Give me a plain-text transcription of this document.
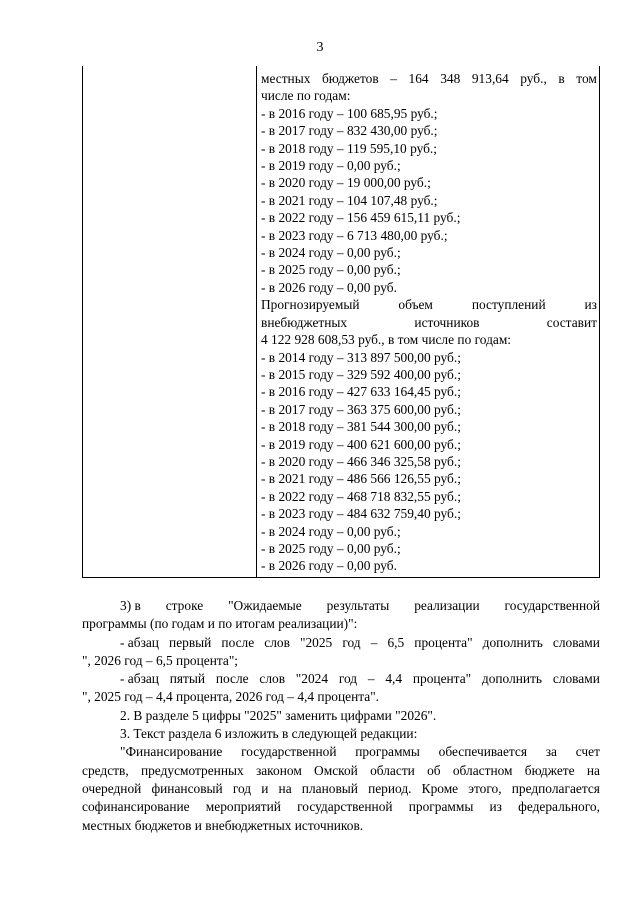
3
местных бюджетов – 164 348 913,64 руб., в том
числе по годам:
- в 2016 году – 100 685,95 руб.;
- в 2017 году – 832 430,00 руб.;
- в 2018 году – 119 595,10 руб.;
- в 2019 году – 0,00 руб.;
- в 2020 году – 19 000,00 руб.;
- в 2021 году – 104 107,48 руб.;
- в 2022 году – 156 459 615,11 руб.;
- в 2023 году – 6 713 480,00 руб.;
- в 2024 году – 0,00 руб.;
- в 2025 году – 0,00 руб.;
- в 2026 году – 0,00 руб.
Прогнозируемый	объем	поступлений	из
внебюджетных	источников	составит
4 122 928 608,53 руб., в том числе по годам:
- в 2014 году – 313 897 500,00 руб.;
- в 2015 году – 329 592 400,00 руб.;
- в 2016 году – 427 633 164,45 руб.;
- в 2017 году – 363 375 600,00 руб.;
- в 2018 году – 381 544 300,00 руб.;
- в 2019 году – 400 621 600,00 руб.;
- в 2020 году – 466 346 325,58 руб.;
- в 2021 году – 486 566 126,55 руб.;
- в 2022 году – 468 718 832,55 руб.;
- в 2023 году – 484 632 759,40 руб.;
- в 2024 году – 0,00 руб.;
- в 2025 году – 0,00 руб.;
- в 2026 году – 0,00 руб.
3) в строке "Ожидаемые результаты реализации государственной
программы (по годам и по итогам реализации)":
- абзац первый после слов "2025 год – 6,5 процента" дополнить словами
", 2026 год – 6,5 процента";
- абзац пятый после слов "2024 год – 4,4 процента" дополнить словами
", 2025 год – 4,4 процента, 2026 год – 4,4 процента".
2. В разделе 5 цифры "2025" заменить цифрами "2026".
3. Текст раздела 6 изложить в следующей редакции:
"Финансирование государственной программы обеспечивается за счет
средств, предусмотренных законом Омской области об областном бюджете на
очередной финансовый год и на плановый период. Кроме этого, предполагается
софинансирование мероприятий государственной программы из федерального,
местных бюджетов и внебюджетных источников.
